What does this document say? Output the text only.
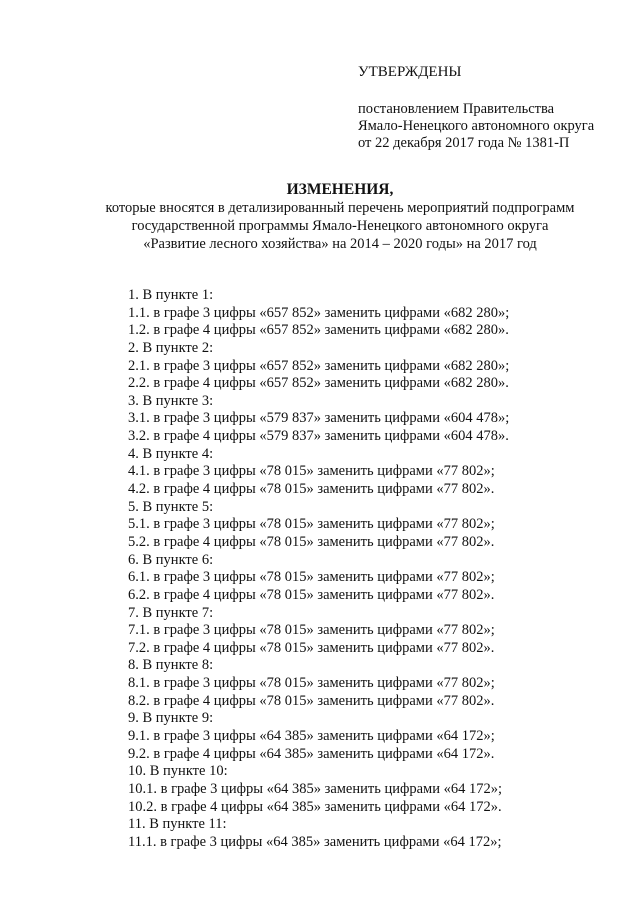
УТВЕРЖДЕНЫ
постановлением Правительства
Ямало-Ненецкого автономного округа
от 22 декабря 2017 года № 1381-П
ИЗМЕНЕНИЯ,
которые вносятся в детализированный перечень мероприятий подпрограмм
государственной программы Ямало-Ненецкого автономного округа
«Развитие лесного хозяйства» на 2014 – 2020 годы» на 2017 год
1. В пункте 1:
1.1. в графе 3 цифры «657 852» заменить цифрами «682 280»;
1.2. в графе 4 цифры «657 852» заменить цифрами «682 280».
2. В пункте 2:
2.1. в графе 3 цифры «657 852» заменить цифрами «682 280»;
2.2. в графе 4 цифры «657 852» заменить цифрами «682 280».
3. В пункте 3:
3.1. в графе 3 цифры «579 837» заменить цифрами «604 478»;
3.2. в графе 4 цифры «579 837» заменить цифрами «604 478».
4. В пункте 4:
4.1. в графе 3 цифры «78 015» заменить цифрами «77 802»;
4.2. в графе 4 цифры «78 015» заменить цифрами «77 802».
5. В пункте 5:
5.1. в графе 3 цифры «78 015» заменить цифрами «77 802»;
5.2. в графе 4 цифры «78 015» заменить цифрами «77 802».
6. В пункте 6:
6.1. в графе 3 цифры «78 015» заменить цифрами «77 802»;
6.2. в графе 4 цифры «78 015» заменить цифрами «77 802».
7. В пункте 7:
7.1. в графе 3 цифры «78 015» заменить цифрами «77 802»;
7.2. в графе 4 цифры «78 015» заменить цифрами «77 802».
8. В пункте 8:
8.1. в графе 3 цифры «78 015» заменить цифрами «77 802»;
8.2. в графе 4 цифры «78 015» заменить цифрами «77 802».
9. В пункте 9:
9.1. в графе 3 цифры «64 385» заменить цифрами «64 172»;
9.2. в графе 4 цифры «64 385» заменить цифрами «64 172».
10. В пункте 10:
10.1. в графе 3 цифры «64 385» заменить цифрами «64 172»;
10.2. в графе 4 цифры «64 385» заменить цифрами «64 172».
11. В пункте 11:
11.1. в графе 3 цифры «64 385» заменить цифрами «64 172»;
